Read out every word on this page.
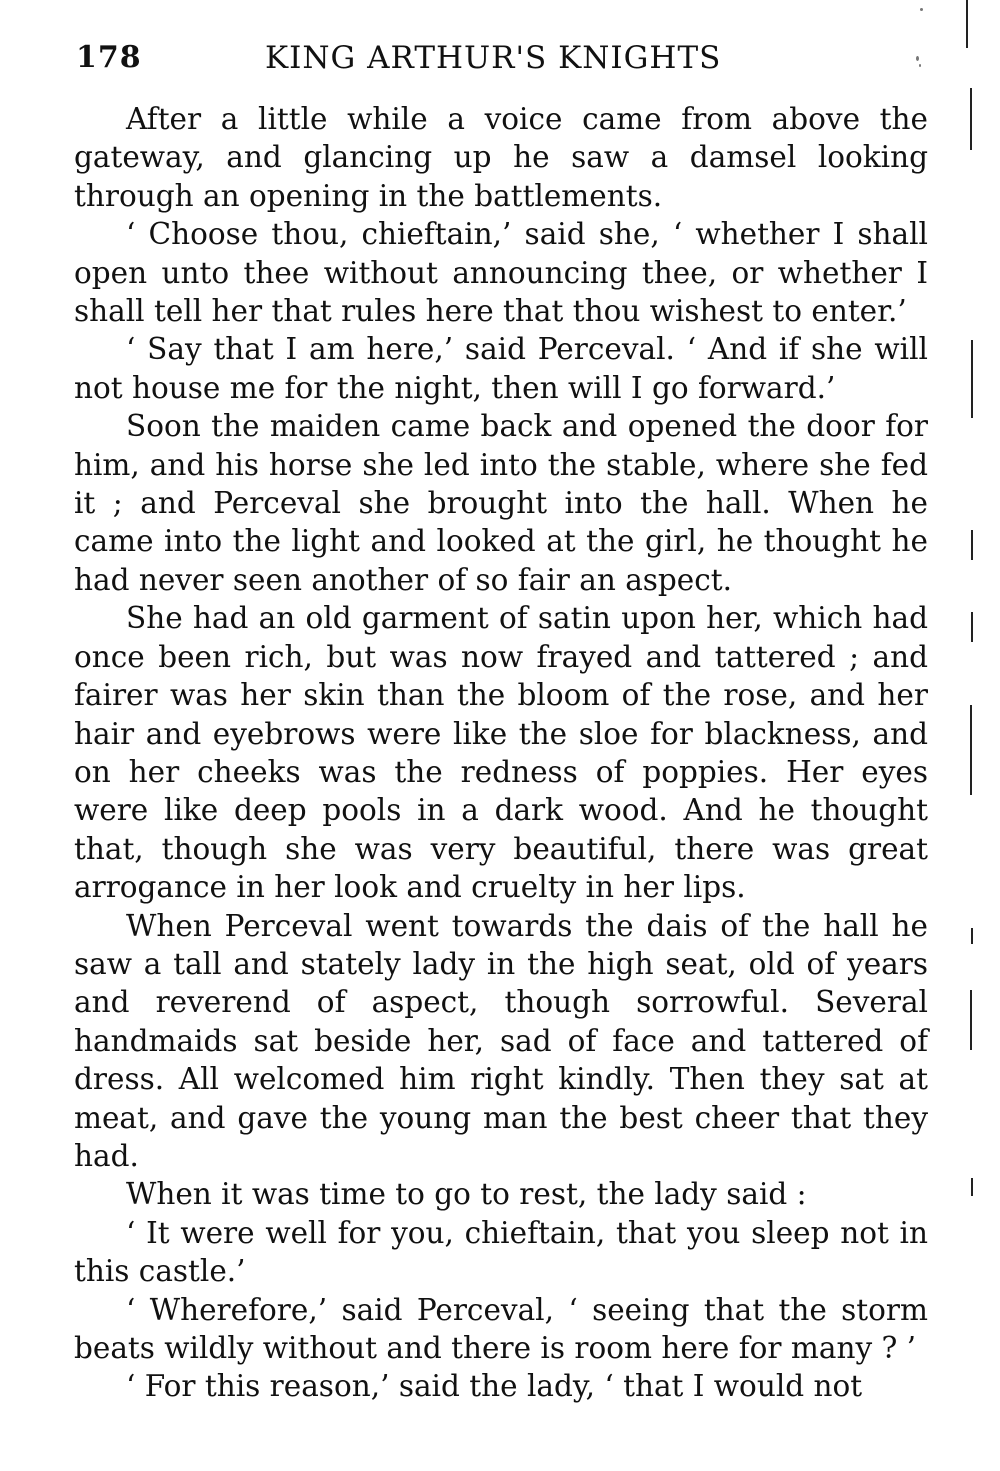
178	KING ARTHUR'S KNIGHTS

After a little while a voice came from above the gateway, and glancing up he saw a damsel looking through an opening in the battlements.

‘ Choose thou, chieftain,’ said she, ‘ whether I shall open unto thee without announcing thee, or whether I shall tell her that rules here that thou wishest to enter.’

‘ Say that I am here,’ said Perceval. ‘ And if she will not house me for the night, then will I go forward.’

Soon the maiden came back and opened the door for him, and his horse she led into the stable, where she fed it ; and Perceval she brought into the hall. When he came into the light and looked at the girl, he thought he had never seen another of so fair an aspect.

She had an old garment of satin upon her, which had once been rich, but was now frayed and tattered ; and fairer was her skin than the bloom of the rose, and her hair and eyebrows were like the sloe for blackness, and on her cheeks was the redness of poppies. Her eyes were like deep pools in a dark wood. And he thought that, though she was very beautiful, there was great arrogance in her look and cruelty in her lips.

When Perceval went towards the dais of the hall he saw a tall and stately lady in the high seat, old of years and reverend of aspect, though sorrowful. Several handmaids sat beside her, sad of face and tattered of dress. All welcomed him right kindly. Then they sat at meat, and gave the young man the best cheer that they had.

When it was time to go to rest, the lady said :

‘ It were well for you, chieftain, that you sleep not in this castle.’

‘ Wherefore,’ said Perceval, ‘ seeing that the storm beats wildly without and there is room here for many ? ’

‘ For this reason,’ said the lady, ‘ that I would not
